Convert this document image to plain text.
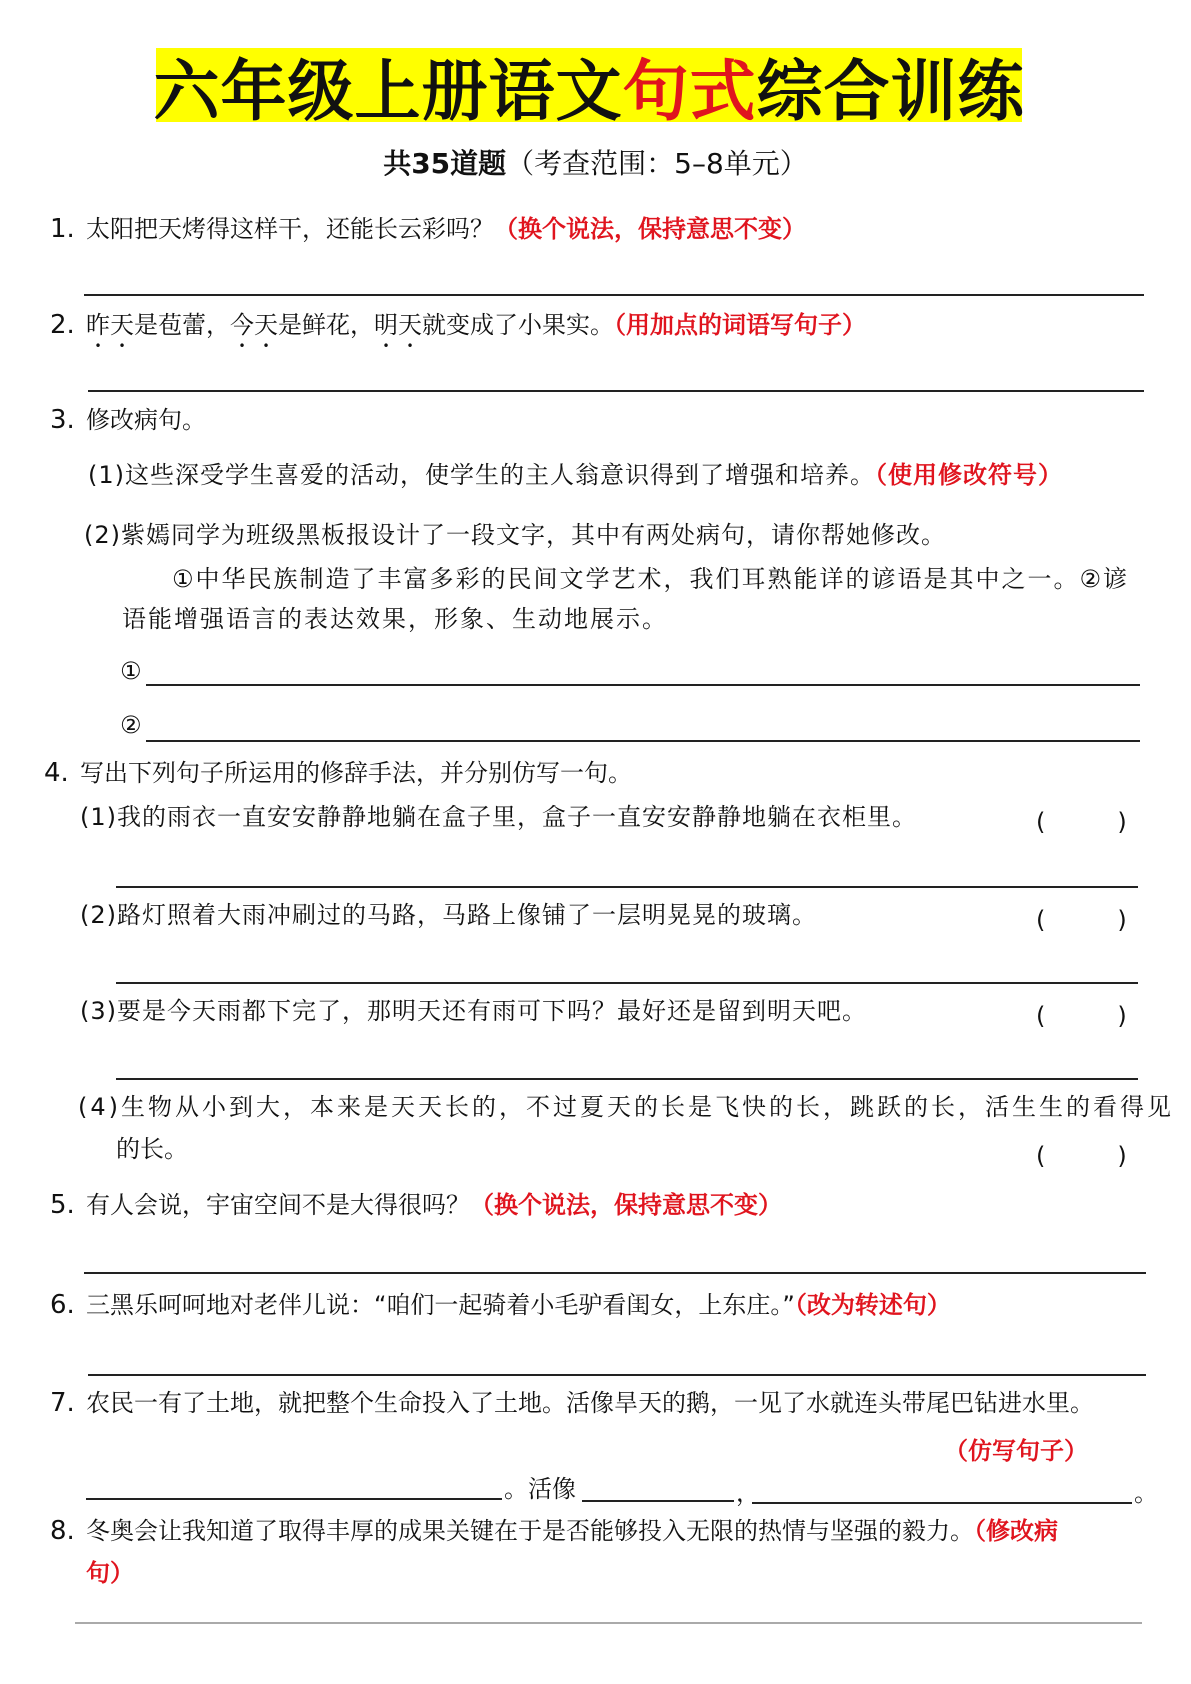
六年级上册语文 句式 综合训练
共35道题（考查范围：5–8单元）
1. 太阳把天烤得这样干，还能长云彩吗？（换个说法，保持意思不变）
2. 昨天是苞蕾，今天是鲜花，明天就变成了小果实。（用加点的词语写句子）
3. 修改病句。
(1)这些深受学生喜爱的活动，使学生的主人翁意识得到了增强和培养。（使用修改符号）
(2)紫嫣同学为班级黑板报设计了一段文字，其中有两处病句，请你帮她修改。
①中华民族制造了丰富多彩的民间文学艺术，我们耳熟能详的谚语是其中之一。②谚
语能增强语言的表达效果，形象、生动地展示。
①
②
4. 写出下列句子所运用的修辞手法，并分别仿写一句。
(1)我的雨衣一直安安静静地躺在盒子里，盒子一直安安静静地躺在衣柜里。	(　　　)
(2)路灯照着大雨冲刷过的马路，马路上像铺了一层明晃晃的玻璃。	(　　　)
(3)要是今天雨都下完了，那明天还有雨可下吗？最好还是留到明天吧。	(　　　)
(4)生物从小到大，本来是天天长的，不过夏天的长是飞快的长，跳跃的长，活生生的看得见
的长。	(　　　)
5. 有人会说，宇宙空间不是大得很吗？（换个说法，保持意思不变）
6. 三黑乐呵呵地对老伴儿说：“咱们一起骑着小毛驴看闺女，上东庄。”（改为转述句）
7. 农民一有了土地，就把整个生命投入了土地。活像旱天的鹅，一见了水就连头带尾巴钻进水里。
（仿写句子）
。活像	，	。
8. 冬奥会让我知道了取得丰厚的成果关键在于是否能够投入无限的热情与坚强的毅力。（修改病
句）
